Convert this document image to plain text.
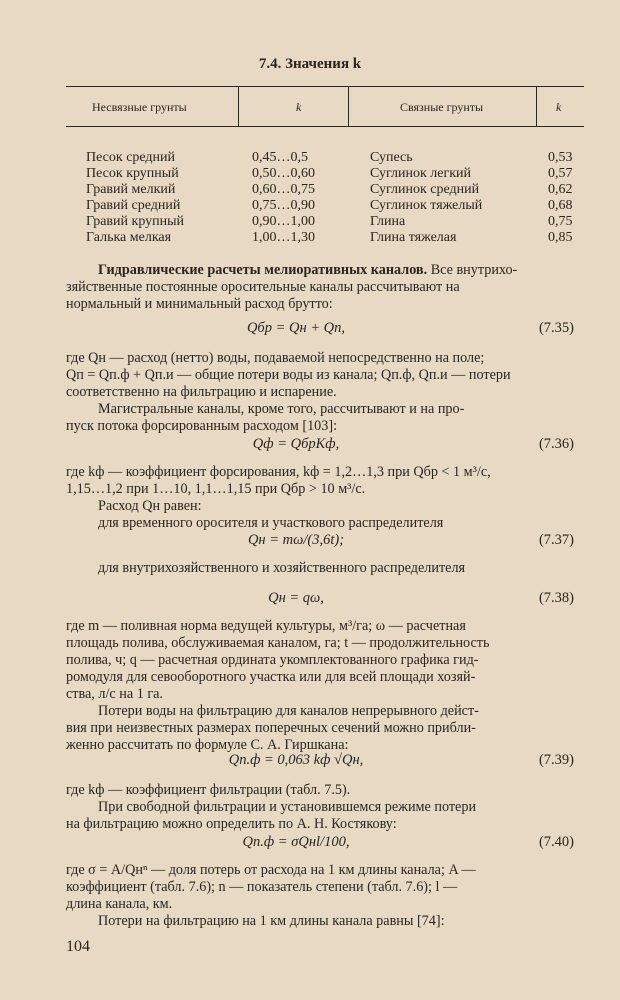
7.4. Значения k
Несвязные грунты	k	Связные грунты	k
Песок средний	0,45…0,5	Супесь	0,53
Песок крупный	0,50…0,60	Суглинок легкий	0,57
Гравий мелкий	0,60…0,75	Суглинок средний	0,62
Гравий средний	0,75…0,90	Суглинок тяжелый	0,68
Гравий крупный	0,90…1,00	Глина	0,75
Галька мелкая	1,00…1,30	Глина тяжелая	0,85
Гидравлические расчеты мелиоративных каналов. Все внутрихо-
зяйственные постоянные оросительные каналы рассчитывают на
нормальный и минимальный расход брутто:
Qбр = Qн + Qп,	(7.35)
где Qн — расход (нетто) воды, подаваемой непосредственно на поле;
Qп = Qп.ф + Qп.и — общие потери воды из канала; Qп.ф, Qп.и — потери
соответственно на фильтрацию и испарение.
Магистральные каналы, кроме того, рассчитывают и на про-
пуск потока форсированным расходом [103]:
Qф = QбрKф,	(7.36)
где kф — коэффициент форсирования, kф = 1,2…1,3 при Qбр < 1 м³/с,
1,15…1,2 при 1…10, 1,1…1,15 при Qбр > 10 м³/с.
Расход Qн равен:
для временного оросителя и участкового распределителя
Qн = mω/(3,6t);	(7.37)
для внутрихозяйственного и хозяйственного распределителя
Qн = qω,	(7.38)
где m — поливная норма ведущей культуры, м³/га; ω — расчетная
площадь полива, обслуживаемая каналом, га; t — продолжительность
полива, ч; q — расчетная ордината укомплектованного графика гид-
ромодуля для севооборотного участка или для всей площади хозяй-
ства, л/с на 1 га.
Потери воды на фильтрацию для каналов непрерывного дейст-
вия при неизвестных размерах поперечных сечений можно прибли-
женно рассчитать по формуле С. А. Гиршкана:
Qп.ф = 0,063 kф √Qн,	(7.39)
где kф — коэффициент фильтрации (табл. 7.5).
При свободной фильтрации и установившемся режиме потери
на фильтрацию можно определить по А. Н. Костякову:
Qп.ф = σQнl/100,	(7.40)
где σ = A/Qнⁿ — доля потерь от расхода на 1 км длины канала; A —
коэффициент (табл. 7.6); n — показатель степени (табл. 7.6); l —
длина канала, км.
Потери на фильтрацию на 1 км длины канала равны [74]:
104
